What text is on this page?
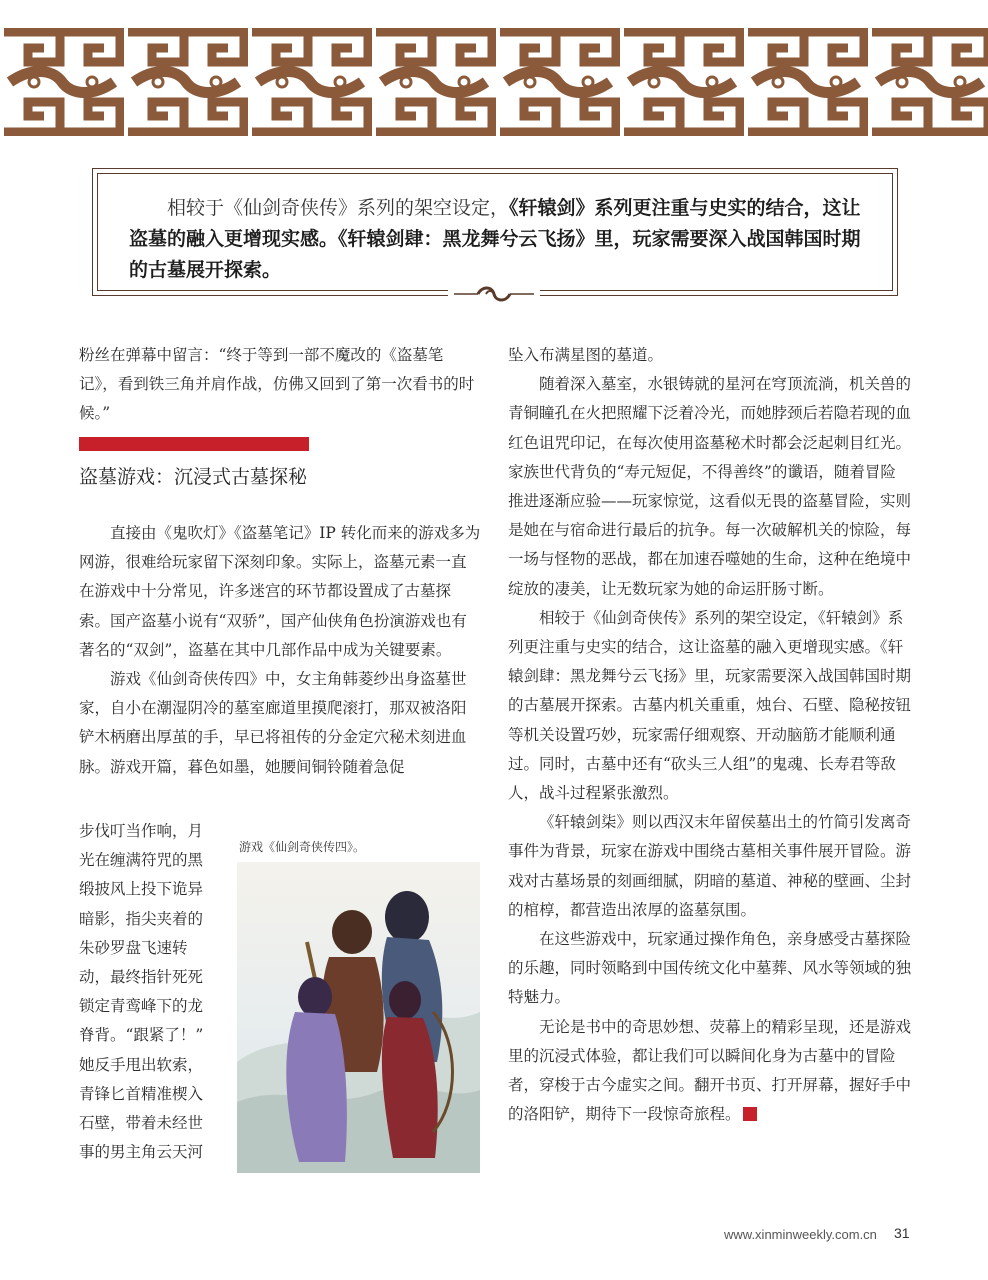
相较于《仙剑奇侠传》系列的架空设定，《轩辕剑》系列更注重与史实的结合，这让盗墓的融入更增现实感。《轩辕剑肆：黑龙舞兮云飞扬》里，玩家需要深入战国韩国时期的古墓展开探索。

粉丝在弹幕中留言：“终于等到一部不魔改的《盗墓笔记》，看到铁三角并肩作战，仿佛又回到了第一次看书的时候。”

盗墓游戏：沉浸式古墓探秘

直接由《鬼吹灯》《盗墓笔记》IP 转化而来的游戏多为网游，很难给玩家留下深刻印象。实际上，盗墓元素一直在游戏中十分常见，许多迷宫的环节都设置成了古墓探索。国产盗墓小说有“双骄”，国产仙侠角色扮演游戏也有著名的“双剑”，盗墓在其中几部作品中成为关键要素。

游戏《仙剑奇侠传四》中，女主角韩菱纱出身盗墓世家，自小在潮湿阴冷的墓室廊道里摸爬滚打，那双被洛阳铲木柄磨出厚茧的手，早已将祖传的分金定穴秘术刻进血脉。游戏开篇，暮色如墨，她腰间铜铃随着急促

步伐叮当作响，月
光在缠满符咒的黑
缎披风上投下诡异
暗影，指尖夹着的
朱砂罗盘飞速转
动，最终指针死死
锁定青鸾峰下的龙
脊背。“跟紧了！”
她反手甩出软索，
青锋匕首精准楔入
石壁，带着未经世
事的男主角云天河
游戏《仙剑奇侠传四》。

坠入布满星图的墓道。

随着深入墓室，水银铸就的星河在穹顶流淌，机关兽的青铜瞳孔在火把照耀下泛着冷光，而她脖颈后若隐若现的血红色诅咒印记，在每次使用盗墓秘术时都会泛起刺目红光。家族世代背负的“寿元短促，不得善终”的谶语，随着冒险推进逐渐应验——玩家惊觉，这看似无畏的盗墓冒险，实则是她在与宿命进行最后的抗争。每一次破解机关的惊险，每一场与怪物的恶战，都在加速吞噬她的生命，这种在绝境中绽放的凄美，让无数玩家为她的命运肝肠寸断。

相较于《仙剑奇侠传》系列的架空设定，《轩辕剑》系列更注重与史实的结合，这让盗墓的融入更增现实感。《轩辕剑肆：黑龙舞兮云飞扬》里，玩家需要深入战国韩国时期的古墓展开探索。古墓内机关重重，烛台、石壁、隐秘按钮等机关设置巧妙，玩家需仔细观察、开动脑筋才能顺利通过。同时，古墓中还有“砍头三人组”的鬼魂、长寿君等敌人，战斗过程紧张激烈。

《轩辕剑柒》则以西汉末年留侯墓出土的竹简引发离奇事件为背景，玩家在游戏中围绕古墓相关事件展开冒险。游戏对古墓场景的刻画细腻，阴暗的墓道、神秘的壁画、尘封的棺椁，都营造出浓厚的盗墓氛围。

在这些游戏中，玩家通过操作角色，亲身感受古墓探险的乐趣，同时领略到中国传统文化中墓葬、风水等领域的独特魅力。

无论是书中的奇思妙想、荧幕上的精彩呈现，还是游戏里的沉浸式体验，都让我们可以瞬间化身为古墓中的冒险者，穿梭于古今虚实之间。翻开书页、打开屏幕，握好手中的洛阳铲，期待下一段惊奇旅程。

www.xinminweekly.com.cn 31
